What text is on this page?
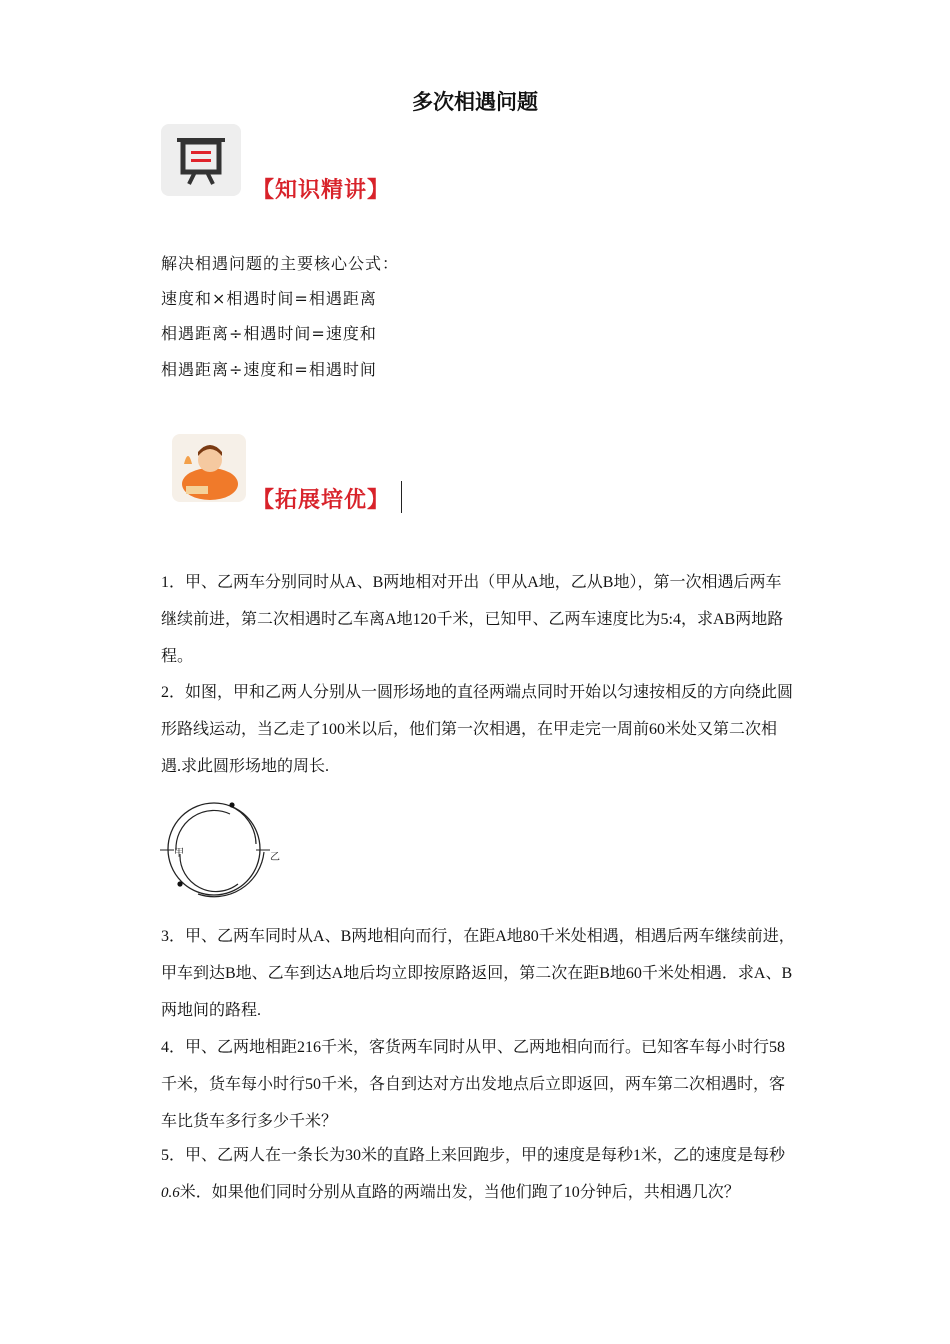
多次相遇问题
【知识精讲】
解决相遇问题的主要核心公式：
速度和×相遇时间=相遇距离
相遇距离÷相遇时间=速度和
相遇距离÷速度和=相遇时间
【拓展培优】
1．甲、乙两车分别同时从A、B两地相对开出（甲从A地，乙从B地），第一次相遇后两车继续前进，第二次相遇时乙车离A地120千米，已知甲、乙两车速度比为5:4，求AB两地路程。
2．如图，甲和乙两人分别从一圆形场地的直径两端点同时开始以匀速按相反的方向绕此圆形路线运动，当乙走了100米以后，他们第一次相遇，在甲走完一周前60米处又第二次相遇.求此圆形场地的周长.
甲	乙
3．甲、乙两车同时从A、B两地相向而行，在距A地80千米处相遇，相遇后两车继续前进，甲车到达B地、乙车到达A地后均立即按原路返回，第二次在距B地60千米处相遇．求A、B两地间的路程.
4．甲、乙两地相距216千米，客货两车同时从甲、乙两地相向而行。已知客车每小时行58千米，货车每小时行50千米，各自到达对方出发地点后立即返回，两车第二次相遇时，客车比货车多行多少千米？
5．甲、乙两人在一条长为30米的直路上来回跑步，甲的速度是每秒1米，乙的速度是每秒0.6米．如果他们同时分别从直路的两端出发，当他们跑了10分钟后，共相遇几次？
